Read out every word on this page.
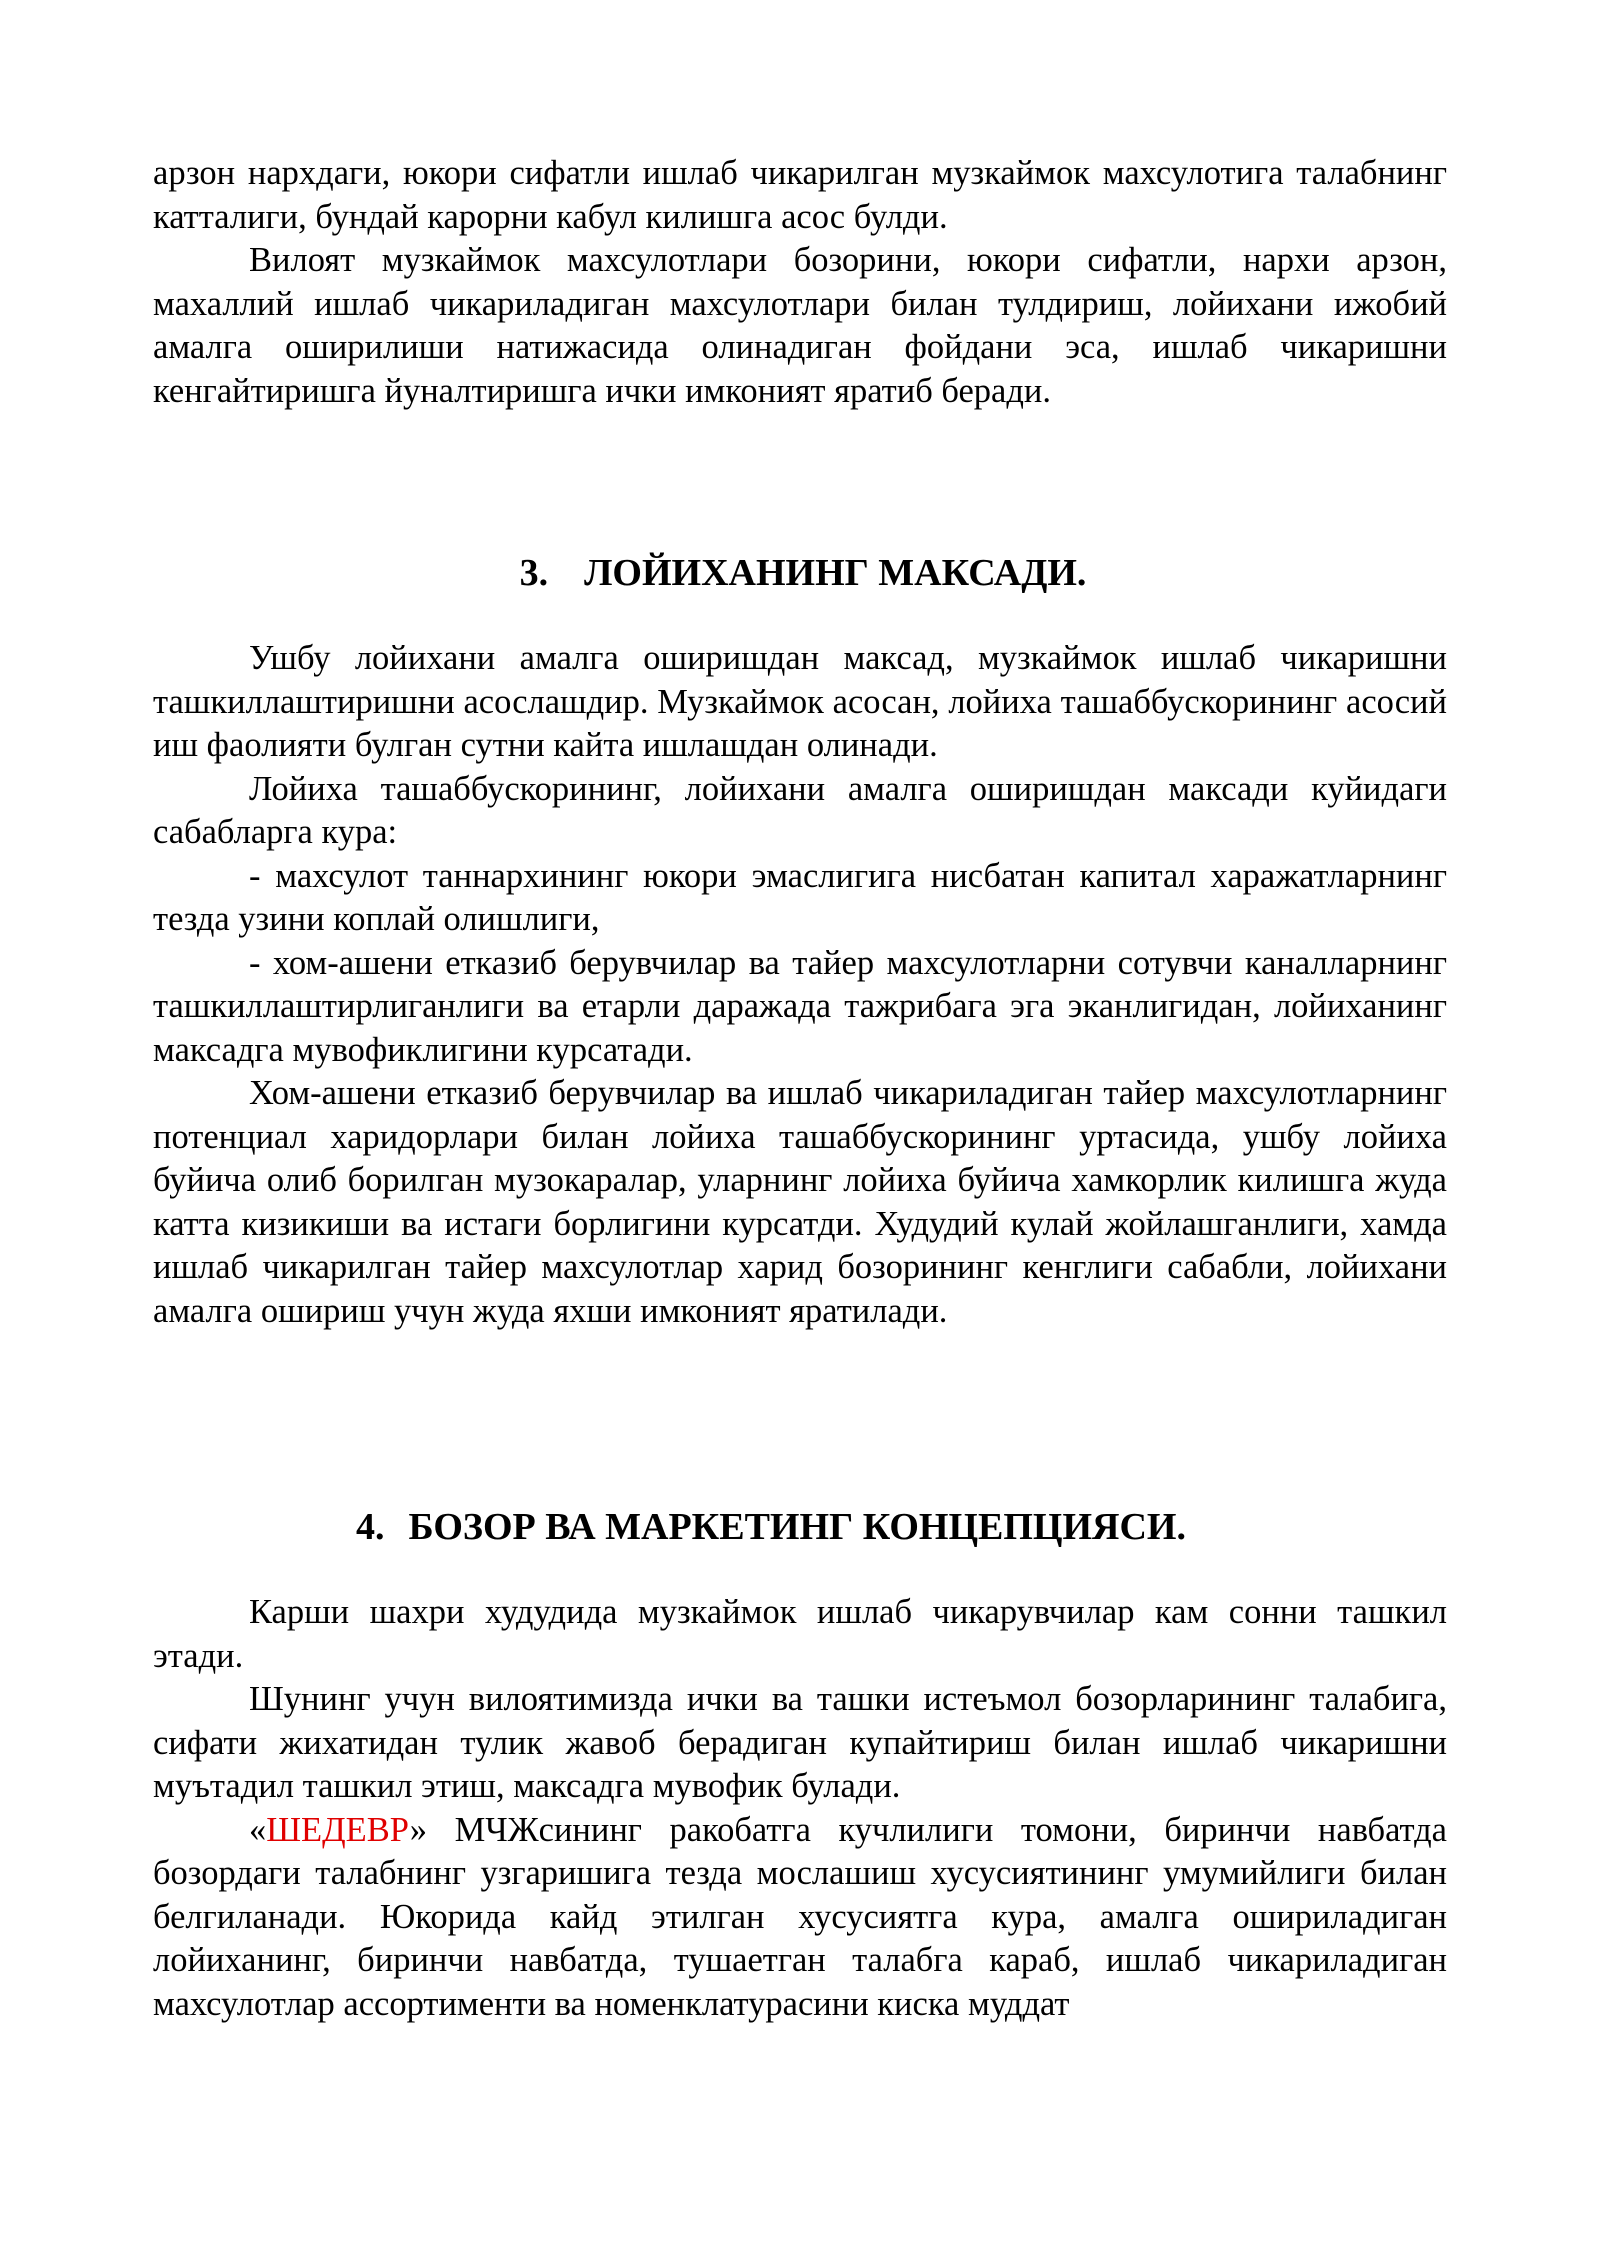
арзон нархдаги, юкори сифатли ишлаб чикарилган музкаймок махсулотига талабнинг катталиги, бундай карорни кабул килишга асос булди.

Вилоят музкаймок махсулотлари бозорини, юкори сифатли, нархи арзон, махаллий ишлаб чикариладиган махсулотлари билан тулдириш, лойихани ижобий амалга оширилиши натижасида олинадиган фойдани эса, ишлаб чикаришни кенгайтиришга йуналтиришга ички имконият яратиб беради.

3. ЛОЙИХАНИНГ МАКСАДИ.

Ушбу лойихани амалга оширишдан максад, музкаймок ишлаб чикаришни ташкиллаштиришни асослашдир. Музкаймок асосан, лойиха ташаббускорининг асосий иш фаолияти булган сутни кайта ишлашдан олинади.

Лойиха ташаббускорининг, лойихани амалга оширишдан максади куйидаги сабабларга кура:

- махсулот таннархининг юкори эмаслигига нисбатан капитал харажатларнинг тезда узини коплай олишлиги,

- хом-ашени етказиб берувчилар ва тайер махсулотларни сотувчи каналларнинг ташкиллаштирлиганлиги ва етарли даражада тажрибага эга эканлигидан, лойиханинг максадга мувофиклигини курсатади.

Хом-ашени етказиб берувчилар ва ишлаб чикариладиган тайер махсулотларнинг потенциал харидорлари билан лойиха ташаббускорининг уртасида, ушбу лойиха буйича олиб борилган музокаралар, уларнинг лойиха буйича хамкорлик килишга жуда катта кизикиши ва истаги борлигини курсатди. Худудий кулай жойлашганлиги, хамда ишлаб чикарилган тайер махсулотлар харид бозорининг кенглиги сабабли, лойихани амалга ошириш учун жуда яхши имконият яратилади.

4. БОЗОР ВА МАРКЕТИНГ КОНЦЕПЦИЯСИ.

Карши шахри худудида музкаймок ишлаб чикарувчилар кам сонни ташкил этади.

Шунинг учун вилоятимизда ички ва ташки истеъмол бозорларининг талабига, сифати жихатидан тулик жавоб берадиган купайтириш билан ишлаб чикаришни муътадил ташкил этиш, максадга мувофик булади.

«ШЕДЕВР» МЧЖсининг ракобатга кучлилиги томони, биринчи навбатда бозордаги талабнинг узгаришига тезда мослашиш хусусиятининг умумийлиги билан белгиланади. Юкорида кайд этилган хусусиятга кура, амалга ошириладиган лойиханинг, биринчи навбатда, тушаетган талабга караб, ишлаб чикариладиган махсулотлар ассортименти ва номенклатурасини киска муддат
